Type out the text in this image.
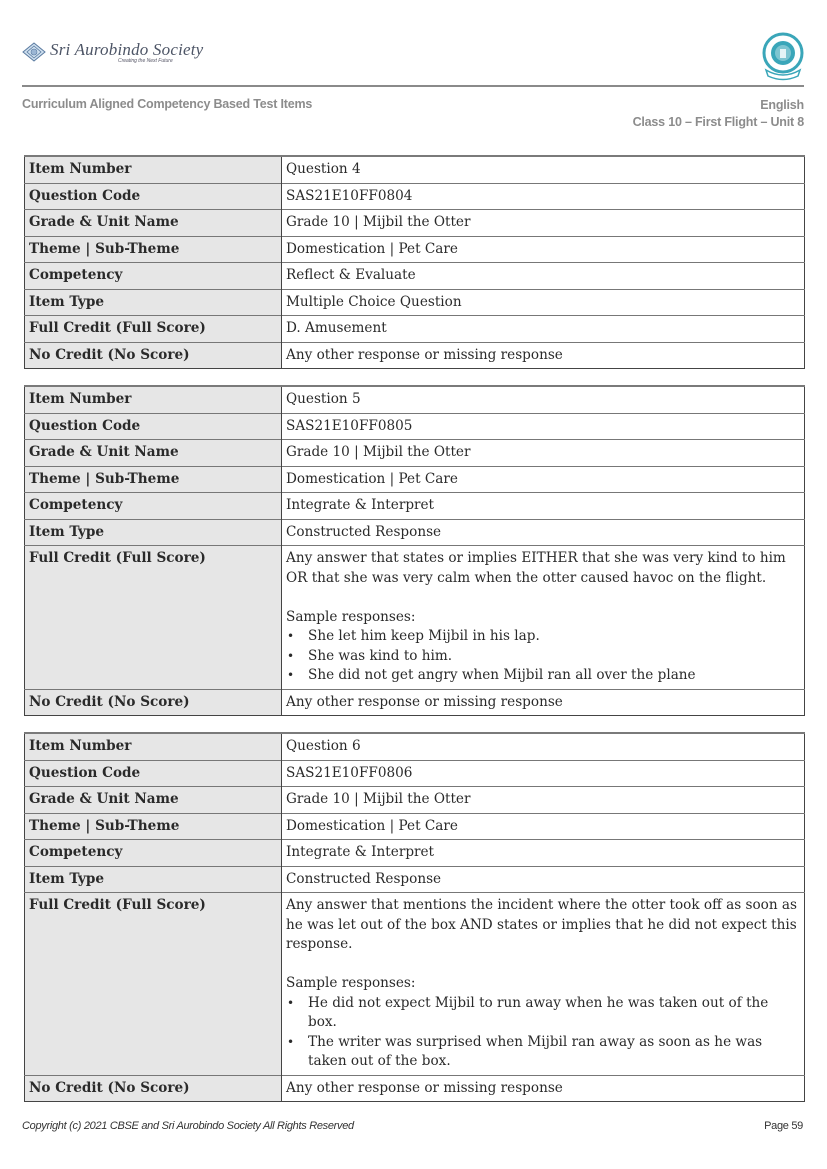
Sri Aurobindo Society
Creating the Next Future
Curriculum Aligned Competency Based Test Items	English
Class 10 – First Flight – Unit 8
Item Number	Question 4
Question Code	SAS21E10FF0804
Grade & Unit Name	Grade 10 | Mijbil the Otter
Theme | Sub-Theme	Domestication | Pet Care
Competency	Reflect & Evaluate
Item Type	Multiple Choice Question
Full Credit (Full Score)	D. Amusement
No Credit (No Score)	Any other response or missing response
Item Number	Question 5
Question Code	SAS21E10FF0805
Grade & Unit Name	Grade 10 | Mijbil the Otter
Theme | Sub-Theme	Domestication | Pet Care
Competency	Integrate & Interpret
Item Type	Constructed Response
Full Credit (Full Score)	Any answer that states or implies EITHER that she was very kind to him OR that she was very calm when the otter caused havoc on the flight.

Sample responses:

• She let him keep Mijbil in his lap.
• She was kind to him.
• She did not get angry when Mijbil ran all over the plane

No Credit (No Score)	Any other response or missing response
Item Number	Question 6
Question Code	SAS21E10FF0806
Grade & Unit Name	Grade 10 | Mijbil the Otter
Theme | Sub-Theme	Domestication | Pet Care
Competency	Integrate & Interpret
Item Type	Constructed Response
Full Credit (Full Score)	Any answer that mentions the incident where the otter took off as soon as he was let out of the box AND states or implies that he did not expect this response.

Sample responses:

• He did not expect Mijbil to run away when he was taken out of the box.
• The writer was surprised when Mijbil ran away as soon as he was taken out of the box.

No Credit (No Score)	Any other response or missing response
Copyright (c) 2021 CBSE and Sri Aurobindo Society All Rights Reserved	Page 59
